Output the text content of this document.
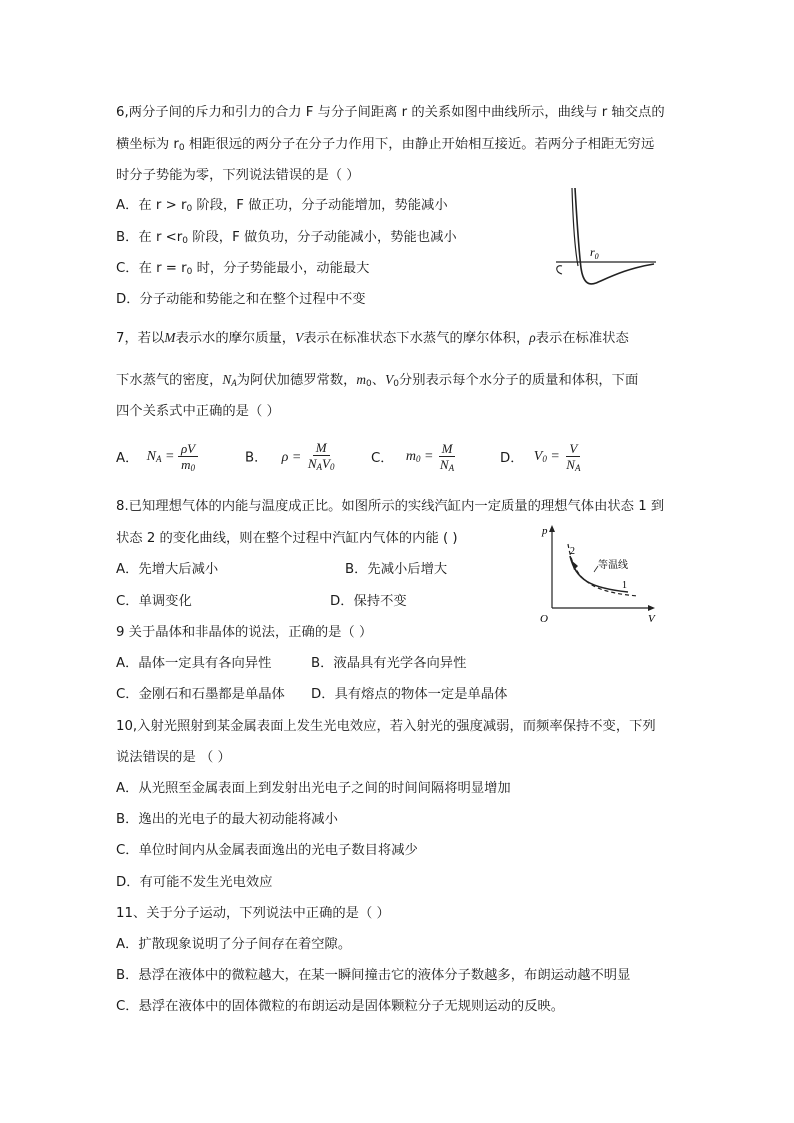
6,两分子间的斥力和引力的合力 F 与分子间距离 r 的关系如图中曲线所示，曲线与 r 轴交点的
横坐标为 $r_0$ 相距很远的两分子在分子力作用下，由静止开始相互接近。若两分子相距无穷远
时分子势能为零，下列说法错误的是（ ）
A．在 $r > r_0$ 阶段，F 做正功，分子动能增加，势能减小
B．在 $r <r_0$ 阶段，F 做负功，分子动能减小，势能也减小
C．在 $r = r_0$ 时，分子势能最小，动能最大
D．分子动能和势能之和在整个过程中不变
$r_0$
7，若以M表示水的摩尔质量，V表示在标准状态下水蒸气的摩尔体积，ρ表示在标准状态
下水蒸气的密度，$N_A$为阿伏加德罗常数，$m_0$、$V_0$分别表示每个水分子的质量和体积，下面
四个关系式中正确的是（ ）
A． $N_A = \frac{\rho V}{m_0}$	B． $\rho = \frac{M}{N_AV_0}$	C． $m_0 = \frac{M}{N_A}$	D． $V_0 = \frac{V}{N_A}$
8.已知理想气体的内能与温度成正比。如图所示的实线汽缸内一定质量的理想气体由状态 1 到
状态 2 的变化曲线，则在整个过程中汽缸内气体的内能 ( )
A．先增大后减小	B．先减小后增大
C．单调变化	D．保持不变
p
V
O
2
1
等温线
9 关于晶体和非晶体的说法，正确的是（ ）
A．晶体一定具有各向异性	B．液晶具有光学各向异性
C．金刚石和石墨都是单晶体 D．具有熔点的物体一定是单晶体
10,入射光照射到某金属表面上发生光电效应，若入射光的强度减弱，而频率保持不变，下列
说法错误的是 （ ）
A．从光照至金属表面上到发射出光电子之间的时间间隔将明显增加
B．逸出的光电子的最大初动能将减小
C．单位时间内从金属表面逸出的光电子数目将减少
D．有可能不发生光电效应
11、关于分子运动，下列说法中正确的是（ ）
A．扩散现象说明了分子间存在着空隙。
B．悬浮在液体中的微粒越大，在某一瞬间撞击它的液体分子数越多，布朗运动越不明显
C．悬浮在液体中的固体微粒的布朗运动是固体颗粒分子无规则运动的反映。
